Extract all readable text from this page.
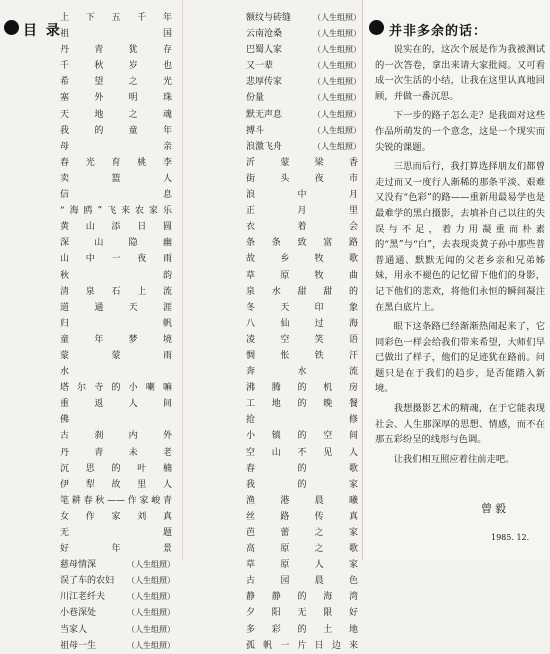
目 录
上下五千年
祖国
丹青犹存
千秋岁也
希望之光
塞外明珠
天地之魂
我的童年
母亲
春光育桃李
卖篮人
信息
“海鸥”飞来农家乐
黄山添日圆
深山隐幽
山中一夜雨
秋韵
清泉石上流
道通天涯
归帆
童年梦境
蒙蒙雨
水
塔尔寺的小喇嘛
重返人间
佛
古刹内外
丹青未老
沉思的叶楠
伊犁故里人
笔耕春秋——作家峻青
女作家刘真
无题
好年景
慈母情深	（人生组照）
误了车的农妇	（人生组照）
川江老纤夫	（人生组照）
小巷深处	（人生组照）
当家人	（人生组照）
祖母一生	（人生组照）
额纹与砖缝	（人生组照）
云南沧桑	（人生组照）
巴蜀人家	（人生组照）
又一辈	（人生组照）
悲厚传家	（人生组照）
份量	（人生组照）
默无声息	（人生组照）
搏斗	（人生组照）
浪激飞舟	（人生组照）
沂蒙梁香
街头夜市
浪中月
正月里
衣着会
条条致富路
故乡牧歌
草原牧曲
泉水甜甜的
冬天印象
八仙过海
凌空笑语
惆怅铁汗
奔水流
沸腾的机房
工地的晚餐
抢修
小镇的空间
空山不见人
春的歌
我的家
渔港晨曦
丝路传真
芭蕾之家
高原之歌
草原人家
古园晨色
静静的海湾
夕阳无限好
多彩的土地
孤帆一片日边来
并非多余的话：

说实在的，这次个展是作为我被测试的一次答卷，拿出来请大家批阅。又可看成一次生活的小结，让我在这里认真地回顾，并做一番沉思。

下一步的路子怎么走？是我面对这些作品所萌发的一个意念，这是一个现实而尖锐的课题。

三思而后行，我打算选择朋友们都曾走过而又一度行人渐稀的那条平淡、艰难又没有“色彩”的路——重新用最易学也是最难学的黑白摄影，去填补自己以往的失误与不足，着力用凝重而朴素的“黑”与“白”，去表现炎黄子孙中那些普普通通、默默无闻的父老乡亲和兄弟姊妹，用永不褪色的记忆留下他们的身影，记下他们的悲欢，将他们永恒的瞬间凝注在黑白底片上。

眼下这条路已经渐渐热闹起来了，它同彩色一样会给我们带来希望，大师们早已做出了样子，他们的足迹犹在路前。问题只是在于我们的趋步，是否能踏入新境。

我想摄影艺术的精魂，在于它能表现社会、人生那深厚的思想、情感，而不在那五彩纷呈的线形与色调。

让我们相互照应着往前走吧。

曾毅
1985. 12.
